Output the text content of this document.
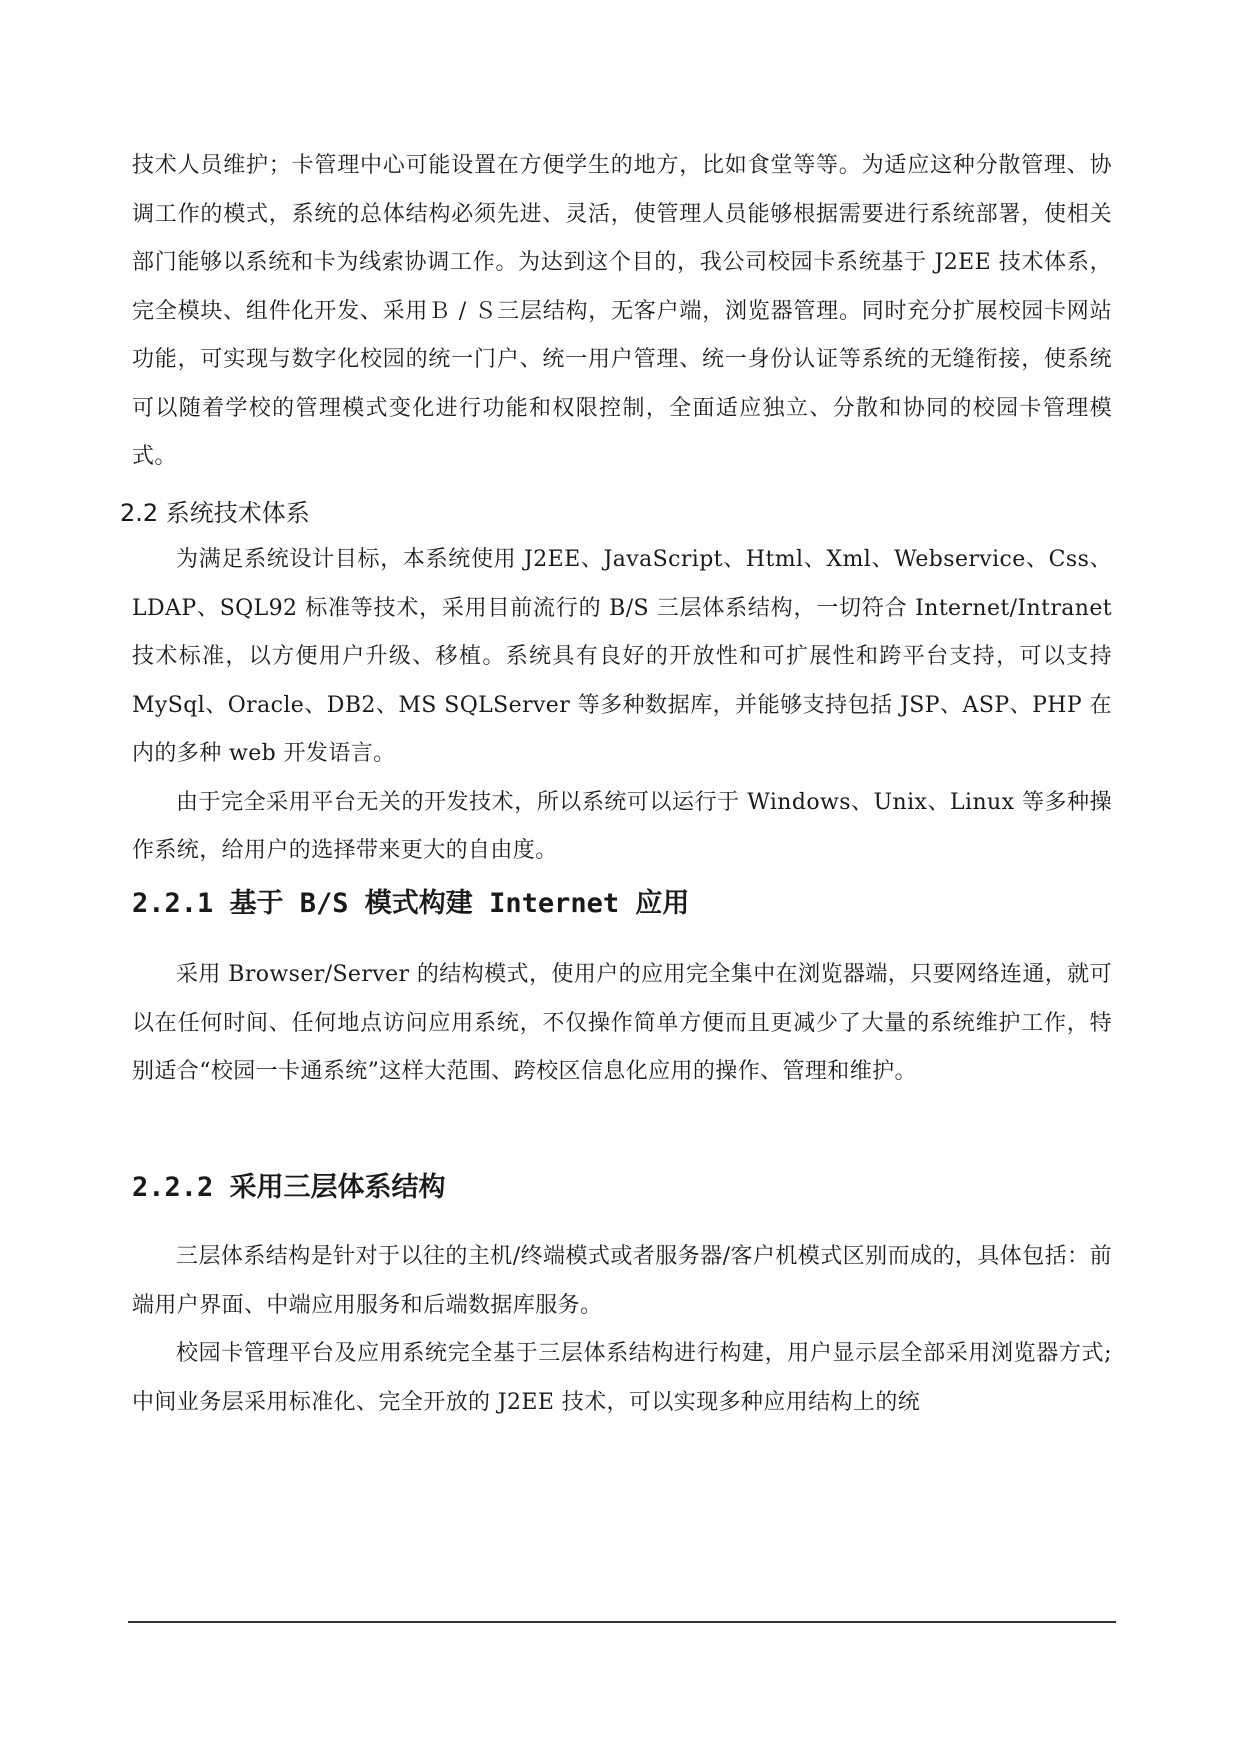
技术人员维护；卡管理中心可能设置在方便学生的地方，比如食堂等等。为适应这种分散管理、协调工作的模式，系统的总体结构必须先进、灵活，使管理人员能够根据需要进行系统部署，使相关部门能够以系统和卡为线索协调工作。为达到这个目的，我公司校园卡系统基于 J2EE 技术体系，完全模块、组件化开发、采用Ｂ / Ｓ三层结构，无客户端，浏览器管理。同时充分扩展校园卡网站功能，可实现与数字化校园的统一门户、统一用户管理、统一身份认证等系统的无缝衔接，使系统可以随着学校的管理模式变化进行功能和权限控制，全面适应独立、分散和协同的校园卡管理模式。

2.2 系统技术体系

为满足系统设计目标，本系统使用 J2EE、JavaScript、Html、Xml、Webservice、Css、LDAP、SQL92 标准等技术，采用目前流行的 B/S 三层体系结构，一切符合 Internet/Intranet 技术标准，以方便用户升级、移植。系统具有良好的开放性和可扩展性和跨平台支持，可以支持 MySql、Oracle、DB2、MS SQLServer 等多种数据库，并能够支持包括 JSP、ASP、PHP 在内的多种 web 开发语言。

由于完全采用平台无关的开发技术，所以系统可以运行于 Windows、Unix、Linux 等多种操作系统，给用户的选择带来更大的自由度。

2.2.1 基于 B/S 模式构建 Internet 应用

采用 Browser/Server 的结构模式，使用户的应用完全集中在浏览器端，只要网络连通，就可以在任何时间、任何地点访问应用系统，不仅操作简单方便而且更减少了大量的系统维护工作，特别适合“校园一卡通系统”这样大范围、跨校区信息化应用的操作、管理和维护。

2.2.2 采用三层体系结构

三层体系结构是针对于以往的主机/终端模式或者服务器/客户机模式区别而成的，具体包括：前端用户界面、中端应用服务和后端数据库服务。

校园卡管理平台及应用系统完全基于三层体系结构进行构建，用户显示层全部采用浏览器方式; 中间业务层采用标准化、完全开放的 J2EE 技术，可以实现多种应用结构上的统
